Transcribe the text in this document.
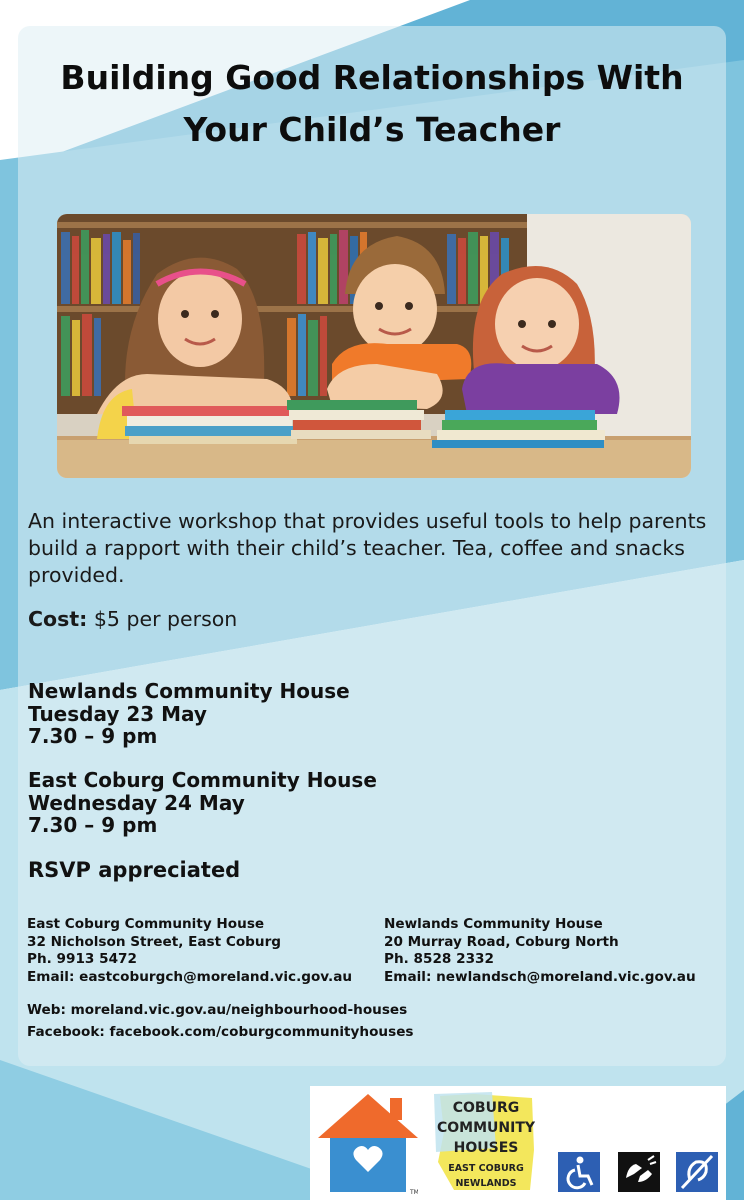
Building Good Relationships With
Your Child’s Teacher

An interactive workshop that provides useful tools to help parents build a rapport with their child’s teacher. Tea, coffee and snacks provided.

Cost: $5 per person

Newlands Community House
Tuesday 23 May
7.30 – 9 pm
East Coburg Community House
Wednesday 24 May
7.30 – 9 pm

RSVP appreciated

East Coburg Community House
32 Nicholson Street, East Coburg
Ph. 9913 5472
Email: eastcoburgch@moreland.vic.gov.au
Newlands Community House
20 Murray Road, Coburg North
Ph. 8528 2332
Email: newlandsch@moreland.vic.gov.au
Web: moreland.vic.gov.au/neighbourhood-houses
Facebook: facebook.com/coburgcommunityhouses
TM
COBURG
COMMUNITY
HOUSES
EAST COBURG
NEWLANDS
